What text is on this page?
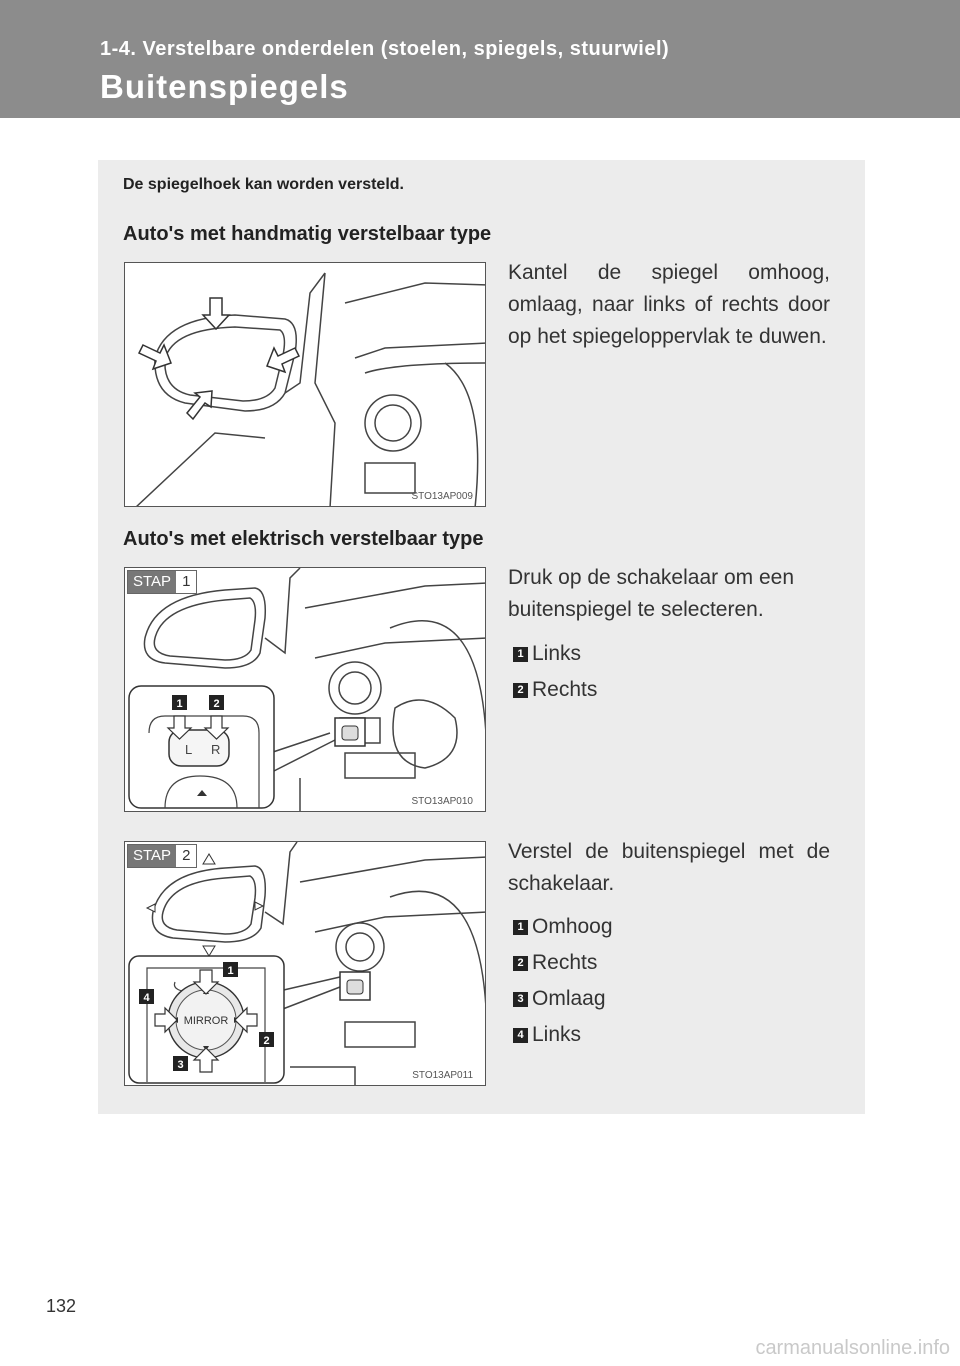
1-4. Verstelbare onderdelen (stoelen, spiegels, stuurwiel)
Buitenspiegels

De spiegelhoek kan worden versteld.

Auto's met handmatig verstelbaar type
STO13AP009

Kantel de spiegel omhoog, omlaag, naar links of rechts door op het spiegeloppervlak te duwen.

Auto's met elektrisch verstelbaar type
L R
1	2
STAP 1
STO13AP010

Druk op de schakelaar om een buitenspiegel te selecteren.

1 Links
2 Rechts
MIRROR
1
2
3
4
STAP 2
STO13AP011

Verstel de buitenspiegel met de schakelaar.

1 Omhoog
2 Rechts
3 Omlaag
4 Links

132

carmanualsonline.info
